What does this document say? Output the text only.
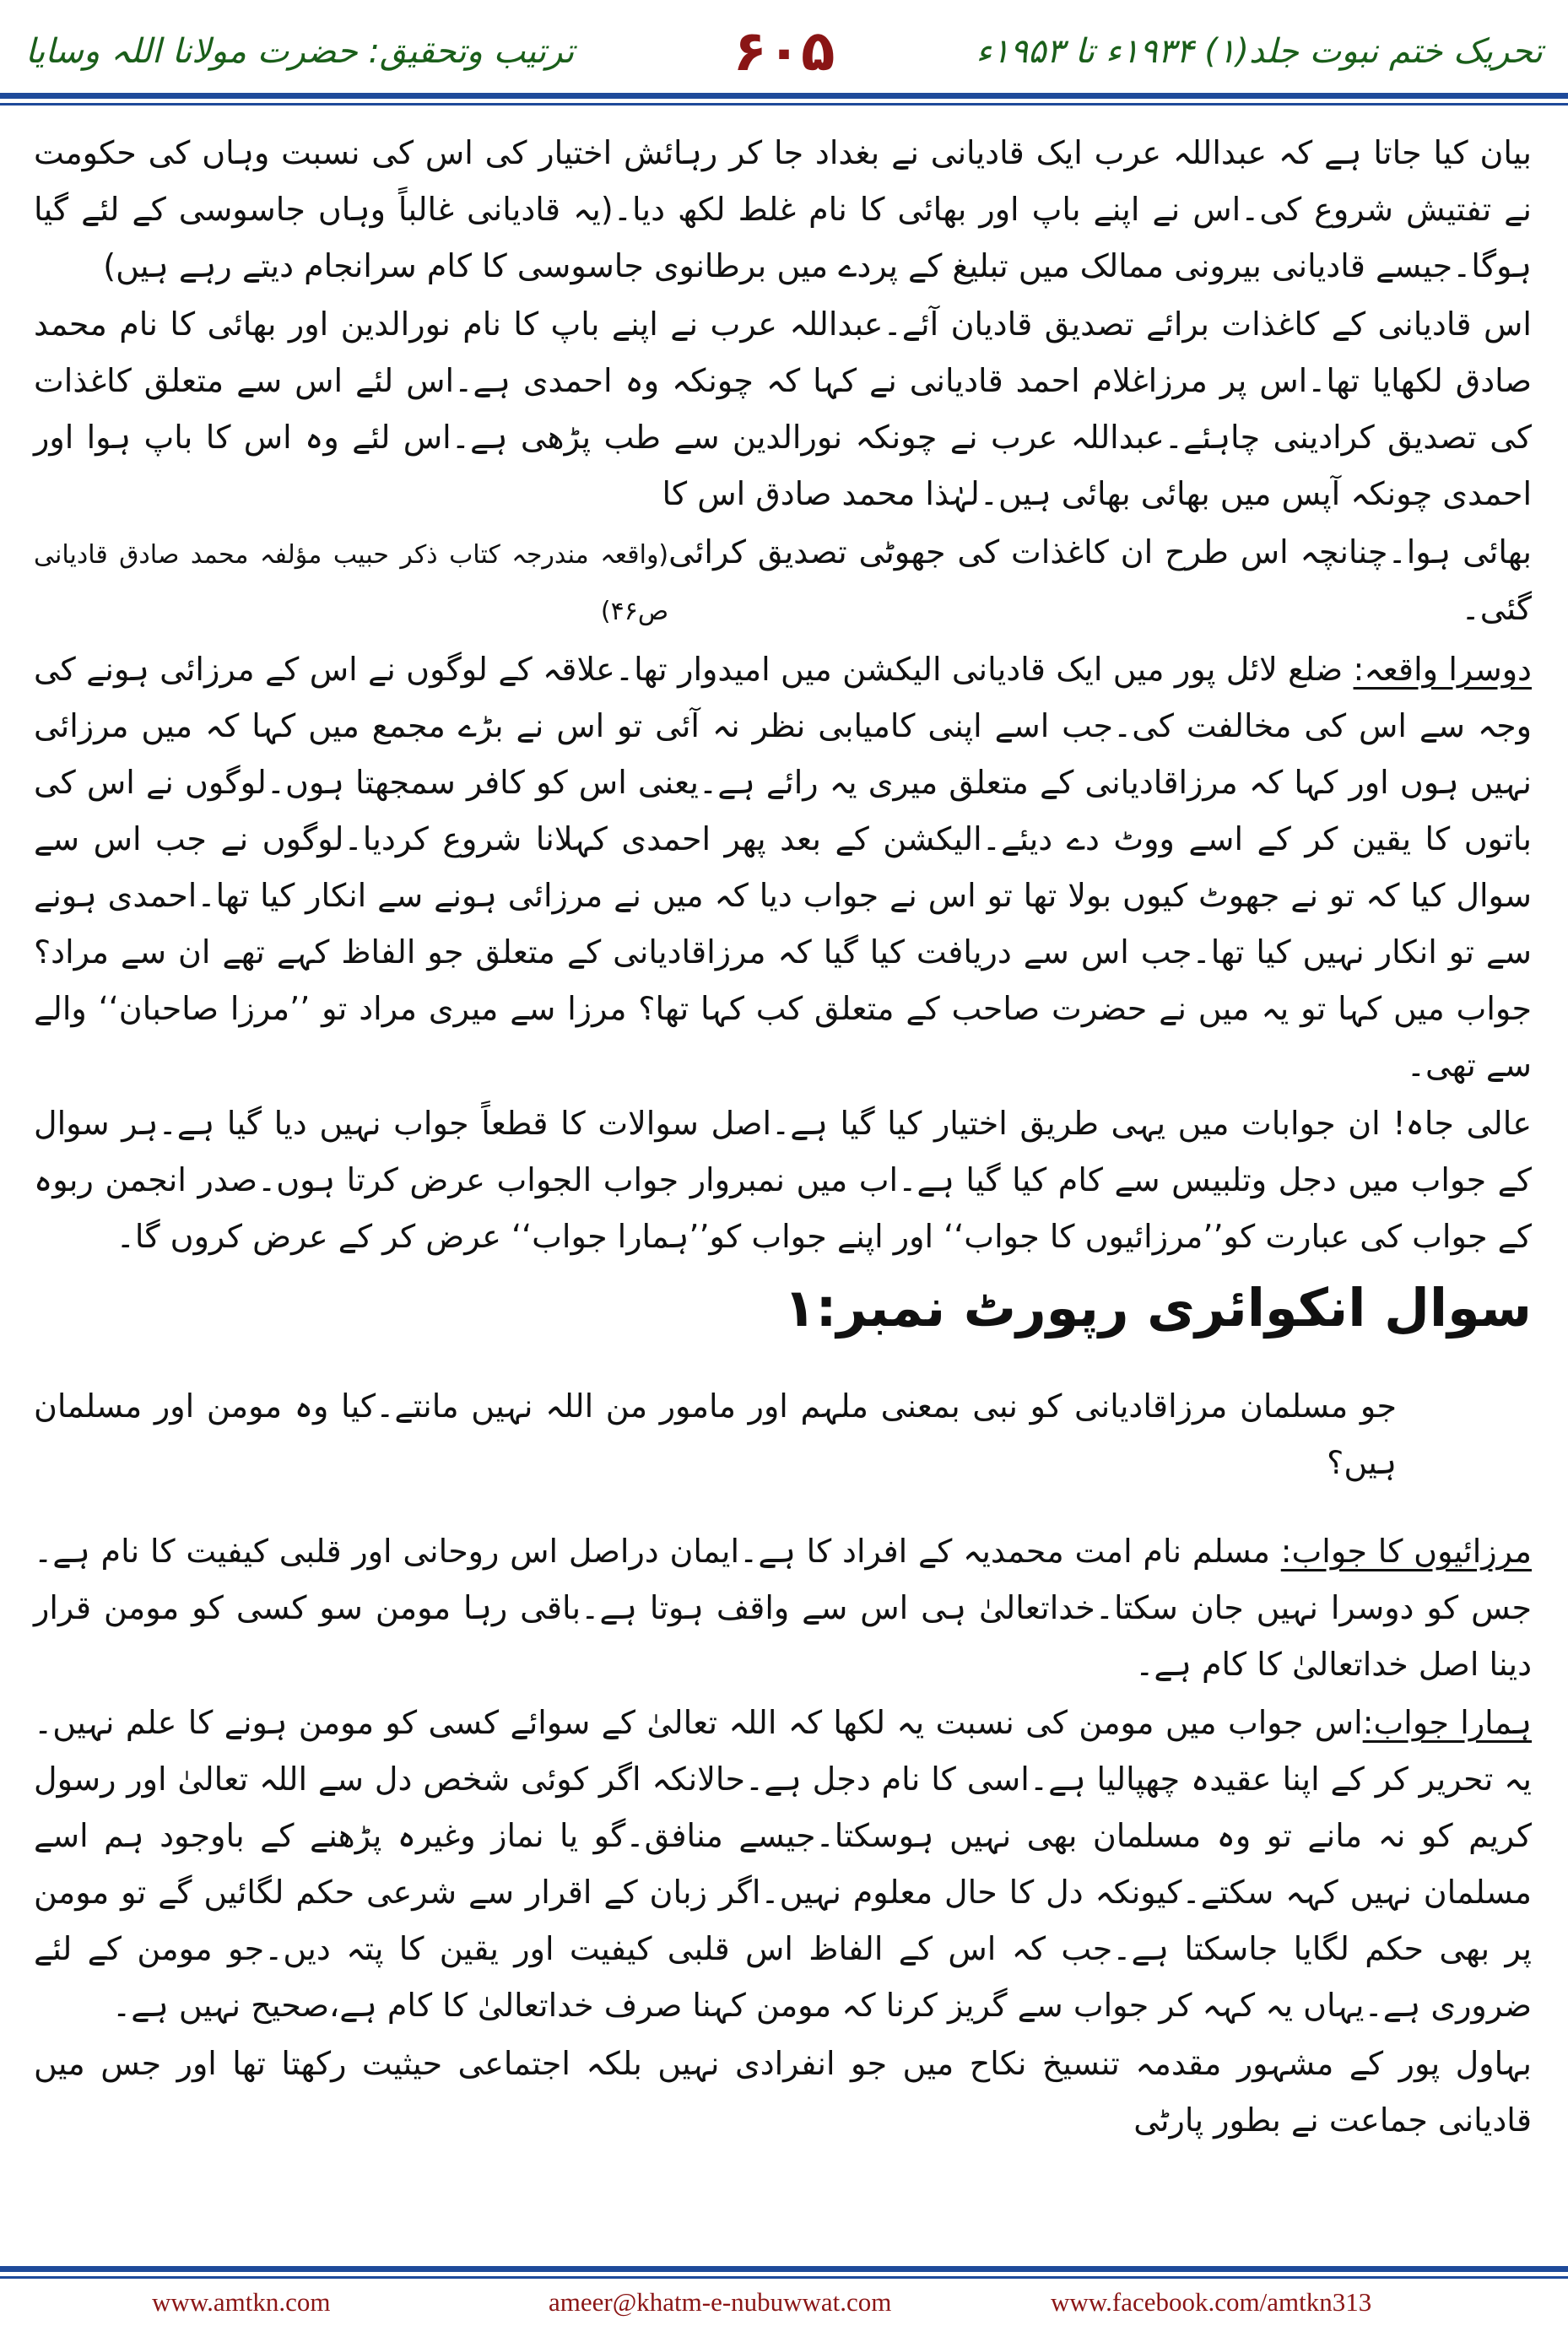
ترتیب وتحقیق: حضرت مولانا اللہ وسایا	۶۰۵	تحریک ختم نبوت جلد(۱) ۱۹۳۴ء تا ۱۹۵۳ء

بیان کیا جاتا ہے کہ عبداللہ عرب ایک قادیانی نے بغداد جا کر رہائش اختیار کی اس کی نسبت وہاں کی حکومت نے تفتیش شروع کی۔اس نے اپنے باپ اور بھائی کا نام غلط لکھ دیا۔(یہ قادیانی غالباً وہاں جاسوسی کے لئے گیا ہوگا۔جیسے قادیانی بیرونی ممالک میں تبلیغ کے پردے میں برطانوی جاسوسی کا کام سرانجام دیتے رہے ہیں)

اس قادیانی کے کاغذات برائے تصدیق قادیان آئے۔عبداللہ عرب نے اپنے باپ کا نام نورالدین اور بھائی کا نام محمد صادق لکھایا تھا۔اس پر مرزاغلام احمد قادیانی نے کہا کہ چونکہ وہ احمدی ہے۔اس لئے اس سے متعلق کاغذات کی تصدیق کرادینی چاہئے۔عبداللہ عرب نے چونکہ نورالدین سے طب پڑھی ہے۔اس لئے وہ اس کا باپ ہوا اور احمدی چونکہ آپس میں بھائی بھائی ہیں۔لہٰذا محمد صادق اس کا

بھائی ہوا۔چنانچہ اس طرح ان کاغذات کی جھوٹی تصدیق کرائی گئی۔
(واقعہ مندرجہ کتاب ذکر حبیب مؤلفہ محمد صادق قادیانی ص۴۶)

دوسرا واقعہ: ضلع لائل پور میں ایک قادیانی الیکشن میں امیدوار تھا۔علاقہ کے لوگوں نے اس کے مرزائی ہونے کی وجہ سے اس کی مخالفت کی۔جب اسے اپنی کامیابی نظر نہ آئی تو اس نے بڑے مجمع میں کہا کہ میں مرزائی نہیں ہوں اور کہا کہ مرزاقادیانی کے متعلق میری یہ رائے ہے۔یعنی اس کو کافر سمجھتا ہوں۔لوگوں نے اس کی باتوں کا یقین کر کے اسے ووٹ دے دیئے۔الیکشن کے بعد پھر احمدی کہلانا شروع کردیا۔لوگوں نے جب اس سے سوال کیا کہ تو نے جھوٹ کیوں بولا تھا تو اس نے جواب دیا کہ میں نے مرزائی ہونے سے انکار کیا تھا۔احمدی ہونے سے تو انکار نہیں کیا تھا۔جب اس سے دریافت کیا گیا کہ مرزاقادیانی کے متعلق جو الفاظ کہے تھے ان سے مراد؟ جواب میں کہا تو یہ میں نے حضرت صاحب کے متعلق کب کہا تھا؟ مرزا سے میری مراد تو ’’مرزا صاحبان‘‘ والے سے تھی۔

عالی جاہ! ان جوابات میں یہی طریق اختیار کیا گیا ہے۔اصل سوالات کا قطعاً جواب نہیں دیا گیا ہے۔ہر سوال کے جواب میں دجل وتلبیس سے کام کیا گیا ہے۔اب میں نمبروار جواب الجواب عرض کرتا ہوں۔صدر انجمن ربوہ کے جواب کی عبارت کو’’مرزائیوں کا جواب‘‘ اور اپنے جواب کو’’ہمارا جواب‘‘ عرض کر کے عرض کروں گا۔

سوال انکوائری رپورٹ نمبر:۱

جو مسلمان مرزاقادیانی کو نبی بمعنی ملہم اور مامور من اللہ نہیں مانتے۔کیا وہ مومن اور مسلمان ہیں؟

مرزائیوں کا جواب: مسلم نام امت محمدیہ کے افراد کا ہے۔ایمان دراصل اس روحانی اور قلبی کیفیت کا نام ہے۔جس کو دوسرا نہیں جان سکتا۔خداتعالیٰ ہی اس سے واقف ہوتا ہے۔باقی رہا مومن سو کسی کو مومن قرار دینا اصل خداتعالیٰ کا کام ہے۔

ہمارا جواب:اس جواب میں مومن کی نسبت یہ لکھا کہ اللہ تعالیٰ کے سوائے کسی کو مومن ہونے کا علم نہیں۔یہ تحریر کر کے اپنا عقیدہ چھپالیا ہے۔اسی کا نام دجل ہے۔حالانکہ اگر کوئی شخص دل سے اللہ تعالیٰ اور رسول کریم کو نہ مانے تو وہ مسلمان بھی نہیں ہوسکتا۔جیسے منافق۔گو یا نماز وغیرہ پڑھنے کے باوجود ہم اسے مسلمان نہیں کہہ سکتے۔کیونکہ دل کا حال معلوم نہیں۔اگر زبان کے اقرار سے شرعی حکم لگائیں گے تو مومن پر بھی حکم لگایا جاسکتا ہے۔جب کہ اس کے الفاظ اس قلبی کیفیت اور یقین کا پتہ دیں۔جو مومن کے لئے ضروری ہے۔یہاں یہ کہہ کر جواب سے گریز کرنا کہ مومن کہنا صرف خداتعالیٰ کا کام ہے،صحیح نہیں ہے۔

بہاول پور کے مشہور مقدمہ تنسیخ نکاح میں جو انفرادی نہیں بلکہ اجتماعی حیثیت رکھتا تھا اور جس میں قادیانی جماعت نے بطور پارٹی

www.amtkn.com	ameer@khatm-e-nubuwwat.com	www.facebook.com/amtkn313
